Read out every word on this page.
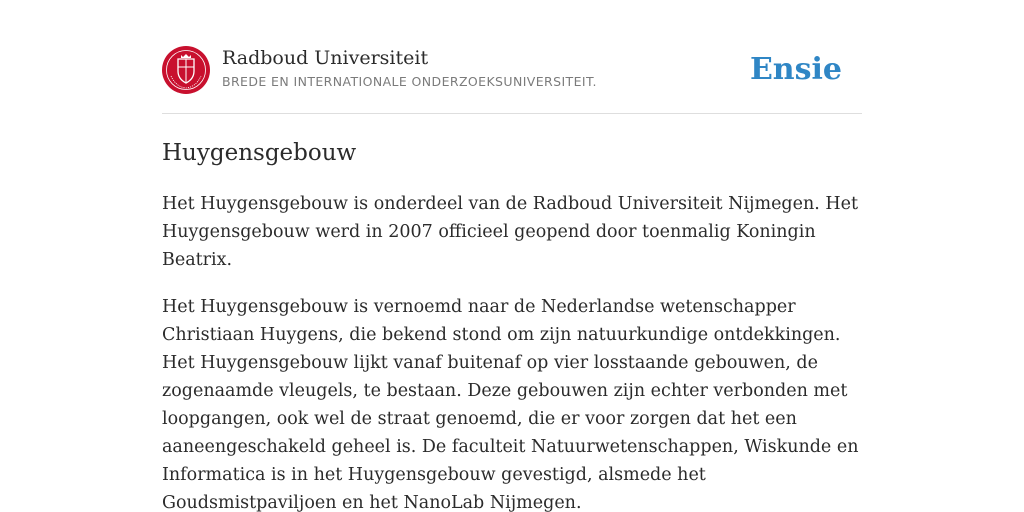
Radboud Universiteit
BREDE EN INTERNATIONALE ONDERZOEKSUNIVERSITEIT.	Ensie
Huygensgebouw

Het Huygensgebouw is onderdeel van de Radboud Universiteit Nijmegen. Het Huygensgebouw werd in 2007 officieel geopend door toenmalig Koningin Beatrix.

Het Huygensgebouw is vernoemd naar de Nederlandse wetenschapper Christiaan Huygens, die bekend stond om zijn natuurkundige ontdekkingen. Het Huygensgebouw lijkt vanaf buitenaf op vier losstaande gebouwen, de zogenaamde vleugels, te bestaan. Deze gebouwen zijn echter verbonden met loopgangen, ook wel de straat genoemd, die er voor zorgen dat het een aaneengeschakeld geheel is. De faculteit Natuurwetenschappen, Wiskunde en Informatica is in het Huygensgebouw gevestigd, alsmede het Goudsmistpaviljoen en het NanoLab Nijmegen.
